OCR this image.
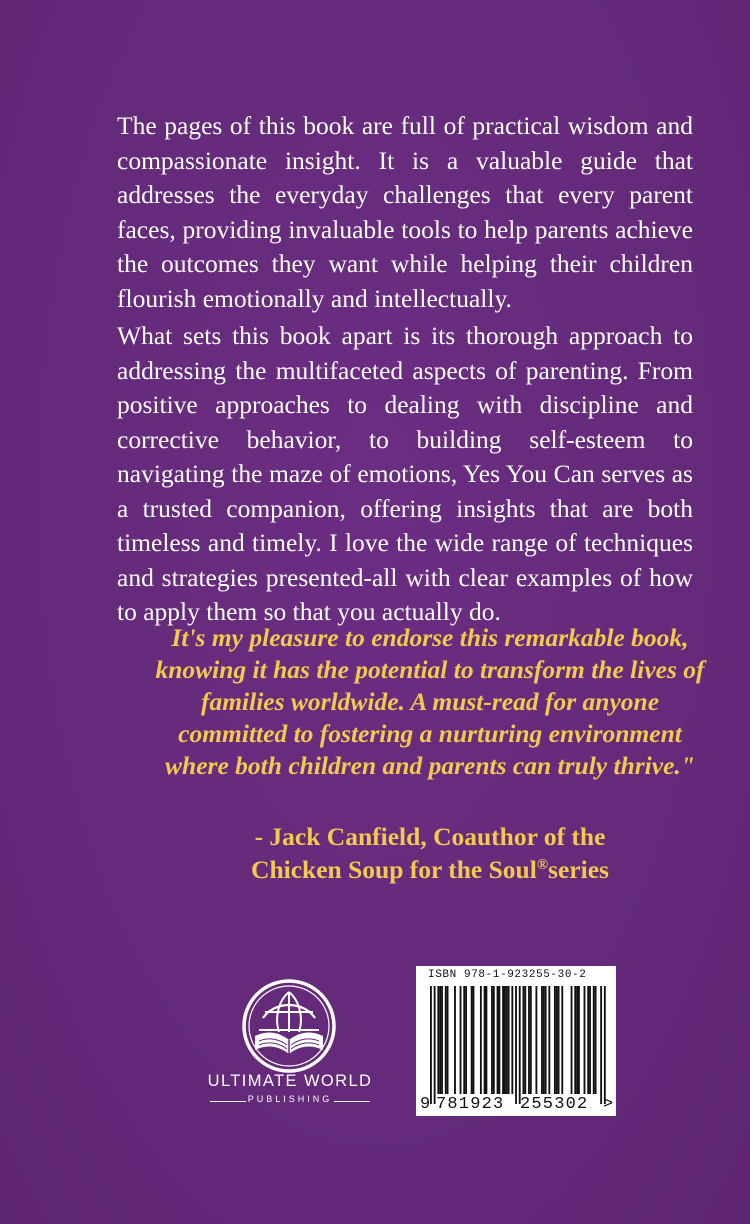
The pages of this book are full of practical wisdom and compassionate insight. It is a valuable guide that addresses the everyday challenges that every parent faces, providing invaluable tools to help parents achieve the outcomes they want while helping their children flourish emotionally and intellectually.

What sets this book apart is its thorough approach to addressing the multifaceted aspects of parenting. From positive approaches to dealing with discipline and corrective behavior, to building self-esteem to navigating the maze of emotions, Yes You Can serves as a trusted companion, offering insights that are both timeless and timely. I love the wide range of techniques and strategies presented-all with clear examples of how to apply them so that you actually do.

It's my pleasure to endorse this remarkable book, knowing it has the potential to transform the lives of families worldwide. A must-read for anyone committed to fostering a nurturing environment where both children and parents can truly thrive."

- Jack Canfield, Coauthor of the
Chicken Soup for the Soul®series
ULTIMATE WORLD
PUBLISHING
ISBN 978-1-923255-30-2
9 781923 255302 >
